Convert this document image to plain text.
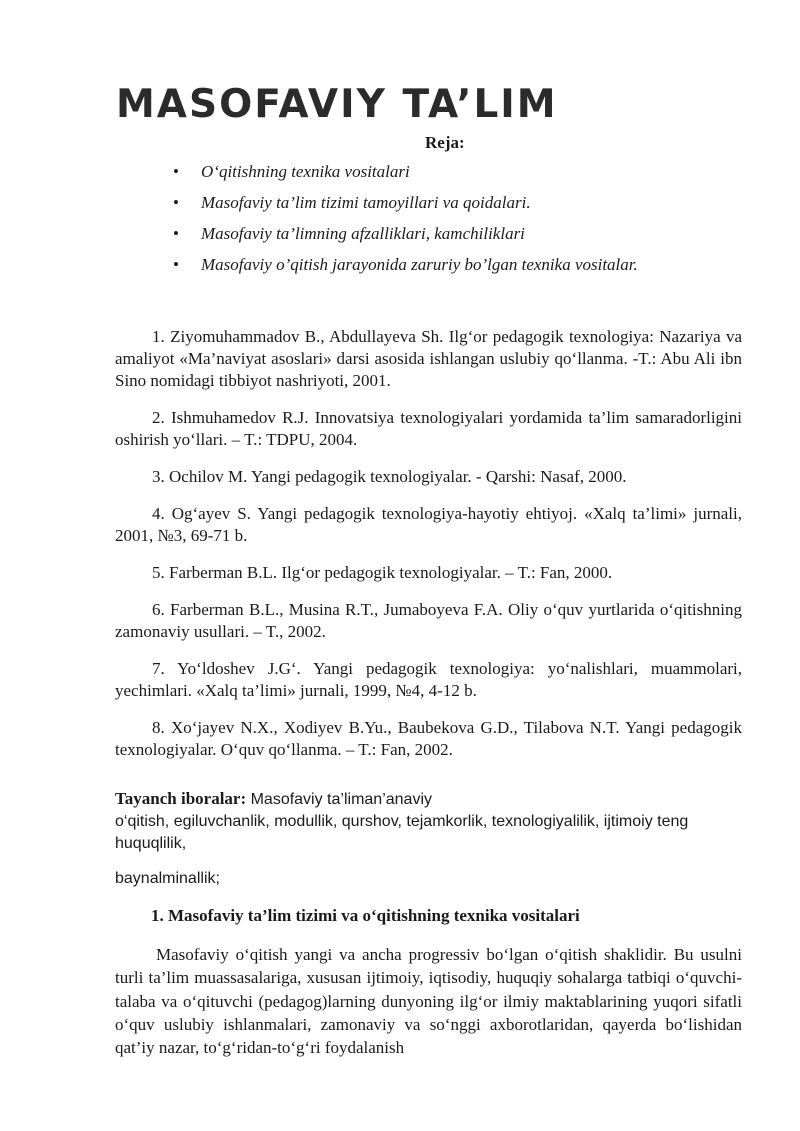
MASOFAVIY TA’LIM
Reja:
• O‘qitishning texnika vositalari
• Masofaviy ta’lim tizimi tamoyillari va qoidalari.
• Masofaviy ta’limning afzalliklari, kamchiliklari
• Masofaviy o’qitish jarayonida zaruriy bo’lgan texnika vositalar.

1. Ziyomuhammadov B., Abdullayeva Sh. Ilg‘or pedagogik texnologiya: Nazariya va amaliyot «Ma’naviyat asoslari» darsi asosida ishlangan uslubiy qo‘llanma. -T.: Abu Ali ibn Sino nomidagi tibbiyot nashriyoti, 2001.

2. Ishmuhamedov R.J. Innovatsiya texnologiyalari yordamida ta’lim samaradorligini oshirish yo‘llari. – T.: TDPU, 2004.

3. Ochilov M. Yangi pedagogik texnologiyalar. - Qarshi: Nasaf, 2000.

4. Og‘ayev S. Yangi pedagogik texnologiya-hayotiy ehtiyoj. «Xalq ta’limi» jurnali, 2001, №3, 69-71 b.

5. Farberman B.L. Ilg‘or pedagogik texnologiyalar. – T.: Fan, 2000.

6. Farberman B.L., Musina R.T., Jumaboyeva F.A. Oliy o‘quv yurtlarida o‘qitishning zamonaviy usullari. – T., 2002.

7. Yo‘ldoshev J.G‘. Yangi pedagogik texnologiya: yo‘nalishlari, muammolari, yechimlari. «Xalq ta’limi» jurnali, 1999, №4, 4-12 b.

8. Xo‘jayev N.X., Xodiyev B.Yu., Baubekova G.D., Tilabova N.T. Yangi pedagogik texnologiyalar. O‘quv qo‘llanma. – T.: Fan, 2002.

Tayanch iboralar: Masofaviy ta’liman’anaviy
o‘qitish, egiluvchanlik, modullik, qurshov, tejamkorlik, texnologiyalilik, ijtimoiy teng huquqlilik,
baynalminallik;
1. Masofaviy ta’lim tizimi va o‘qitishning texnika vositalari

Masofaviy o‘qitish yangi va ancha progressiv bo‘lgan o‘qitish shaklidir. Bu usulni turli ta’lim muassasalariga, xususan ijtimoiy, iqtisodiy, huquqiy sohalarga tatbiqi o‘quvchi-talaba va o‘qituvchi (pedagog)larning dunyoning ilg‘or ilmiy maktablarining yuqori sifatli o‘quv uslubiy ishlanmalari, zamonaviy va so‘nggi axborotlaridan, qayerda bo‘lishidan qat’iy nazar, to‘g‘ridan-to‘g‘ri foydalanish
